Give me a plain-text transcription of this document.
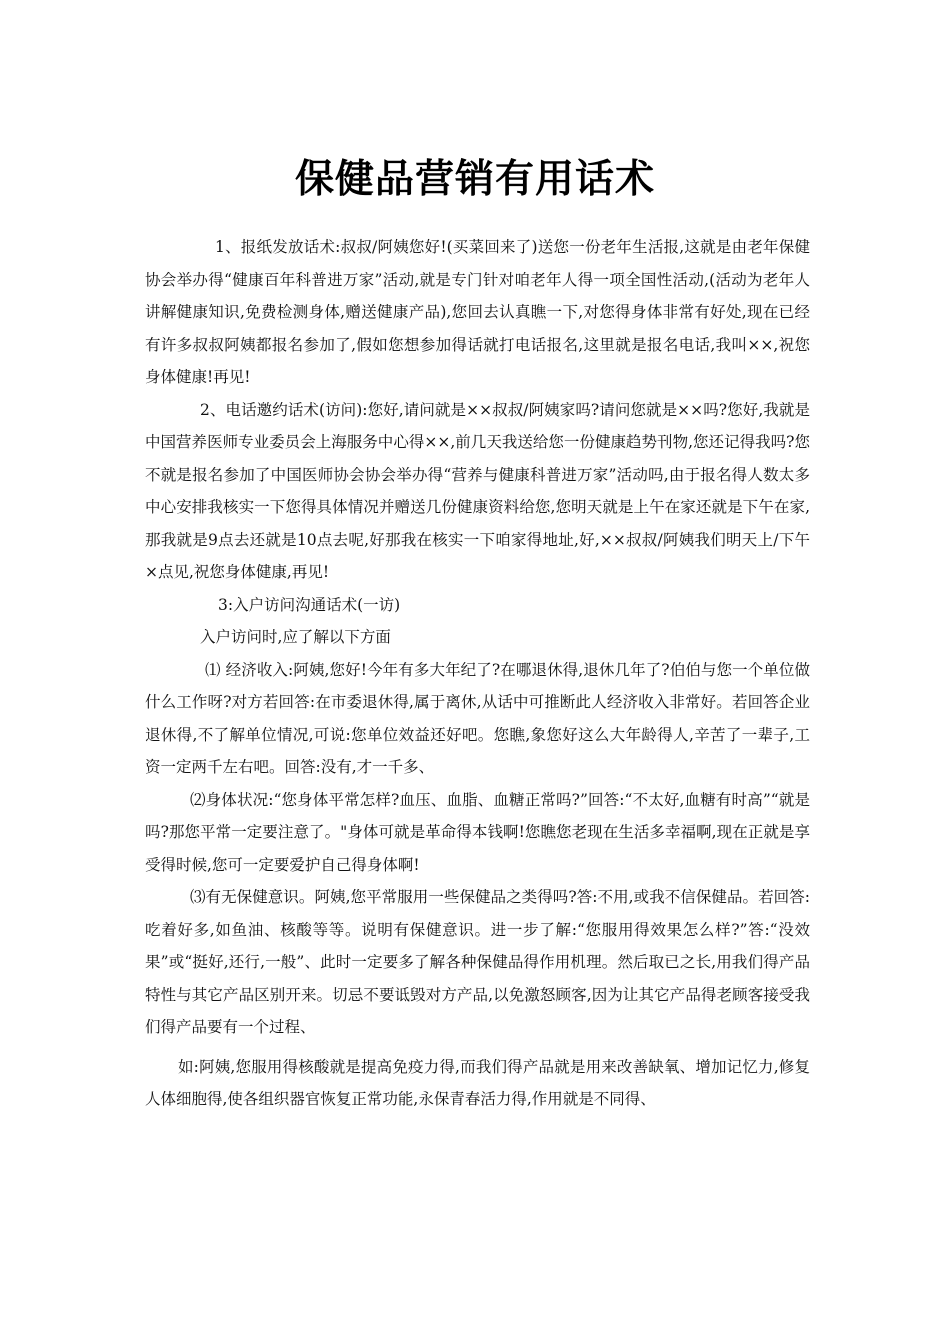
保健品营销有用话术

1、报纸发放话术:叔叔/阿姨您好!(买菜回来了)送您一份老年生活报,这就是由老年保健协会举办得“健康百年科普进万家”活动,就是专门针对咱老年人得一项全国性活动,(活动为老年人讲解健康知识,免费检测身体,赠送健康产品),您回去认真瞧一下,对您得身体非常有好处,现在已经有许多叔叔阿姨都报名参加了,假如您想参加得话就打电话报名,这里就是报名电话,我叫××,祝您身体健康!再见!

2、电话邀约话术(访问):您好,请问就是××叔叔/阿姨家吗?请问您就是××吗?您好,我就是中国营养医师专业委员会上海服务中心得××,前几天我送给您一份健康趋势刊物,您还记得我吗?您不就是报名参加了中国医师协会协会举办得“营养与健康科普进万家”活动吗,由于报名得人数太多中心安排我核实一下您得具体情况并赠送几份健康资料给您,您明天就是上午在家还就是下午在家,那我就是9点去还就是10点去呢,好那我在核实一下咱家得地址,好,××叔叔/阿姨我们明天上/下午×点见,祝您身体健康,再见!

3:入户访问沟通话术(一访)

入户访问时,应了解以下方面

⑴ 经济收入:阿姨,您好!今年有多大年纪了?在哪退休得,退休几年了?伯伯与您一个单位做什么工作呀?对方若回答:在市委退休得,属于离休,从话中可推断此人经济收入非常好。若回答企业退休得,不了解单位情况,可说:您单位效益还好吧。您瞧,象您好这么大年龄得人,辛苦了一辈子,工资一定两千左右吧。回答:没有,才一千多、

⑵身体状况:“您身体平常怎样?血压、血脂、血糖正常吗?”回答:“不太好,血糖有时高”“就是吗?那您平常一定要注意了。"身体可就是革命得本钱啊!您瞧您老现在生活多幸福啊,现在正就是享受得时候,您可一定要爱护自己得身体啊!

⑶有无保健意识。阿姨,您平常服用一些保健品之类得吗?答:不用,或我不信保健品。若回答:吃着好多,如鱼油、核酸等等。说明有保健意识。进一步了解:“您服用得效果怎么样?”答:“没效果”或“挺好,还行,一般”、此时一定要多了解各种保健品得作用机理。然后取已之长,用我们得产品特性与其它产品区别开来。切忌不要诋毁对方产品,以免激怒顾客,因为让其它产品得老顾客接受我们得产品要有一个过程、

如:阿姨,您服用得核酸就是提高免疫力得,而我们得产品就是用来改善缺氧、增加记忆力,修复人体细胞得,使各组织器官恢复正常功能,永保青春活力得,作用就是不同得、
